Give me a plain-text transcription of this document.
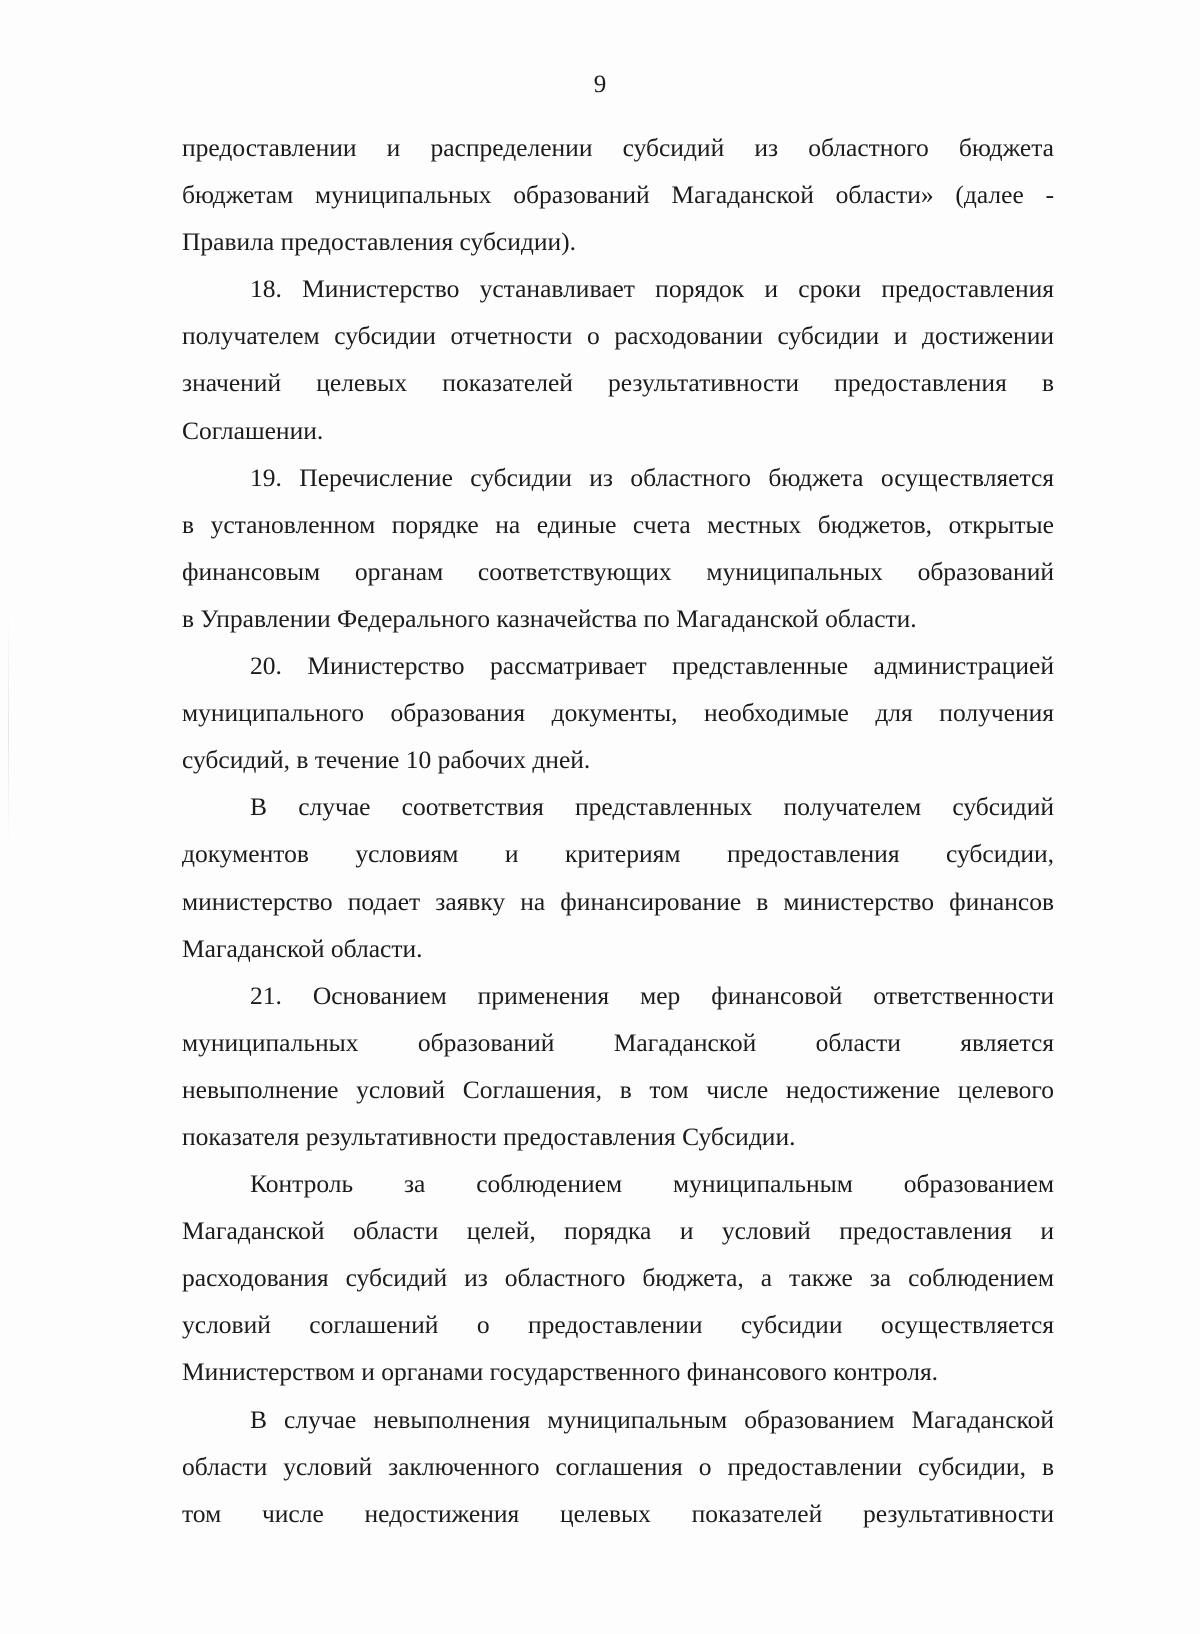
9
предоставлении и распределении субсидий из областного бюджета
бюджетам муниципальных образований Магаданской области» (далее -
Правила предоставления субсидии).
18. Министерство устанавливает порядок и сроки предоставления
получателем субсидии отчетности о расходовании субсидии и достижении
значений целевых показателей результативности предоставления в
Соглашении.
19. Перечисление субсидии из областного бюджета осуществляется
в установленном порядке на единые счета местных бюджетов, открытые
финансовым органам соответствующих муниципальных образований
в Управлении Федерального казначейства по Магаданской области.
20. Министерство рассматривает представленные администрацией
муниципального образования документы, необходимые для получения
субсидий, в течение 10 рабочих дней.
В случае соответствия представленных получателем субсидий
документов условиям и критериям предоставления субсидии,
министерство подает заявку на финансирование в министерство финансов
Магаданской области.
21. Основанием применения мер финансовой ответственности
муниципальных образований Магаданской области является
невыполнение условий Соглашения, в том числе недостижение целевого
показателя результативности предоставления Субсидии.
Контроль за соблюдением муниципальным образованием
Магаданской области целей, порядка и условий предоставления и
расходования субсидий из областного бюджета, а также за соблюдением
условий соглашений о предоставлении субсидии осуществляется
Министерством и органами государственного финансового контроля.
В случае невыполнения муниципальным образованием Магаданской
области условий заключенного соглашения о предоставлении субсидии, в
том числе недостижения целевых показателей результативности
